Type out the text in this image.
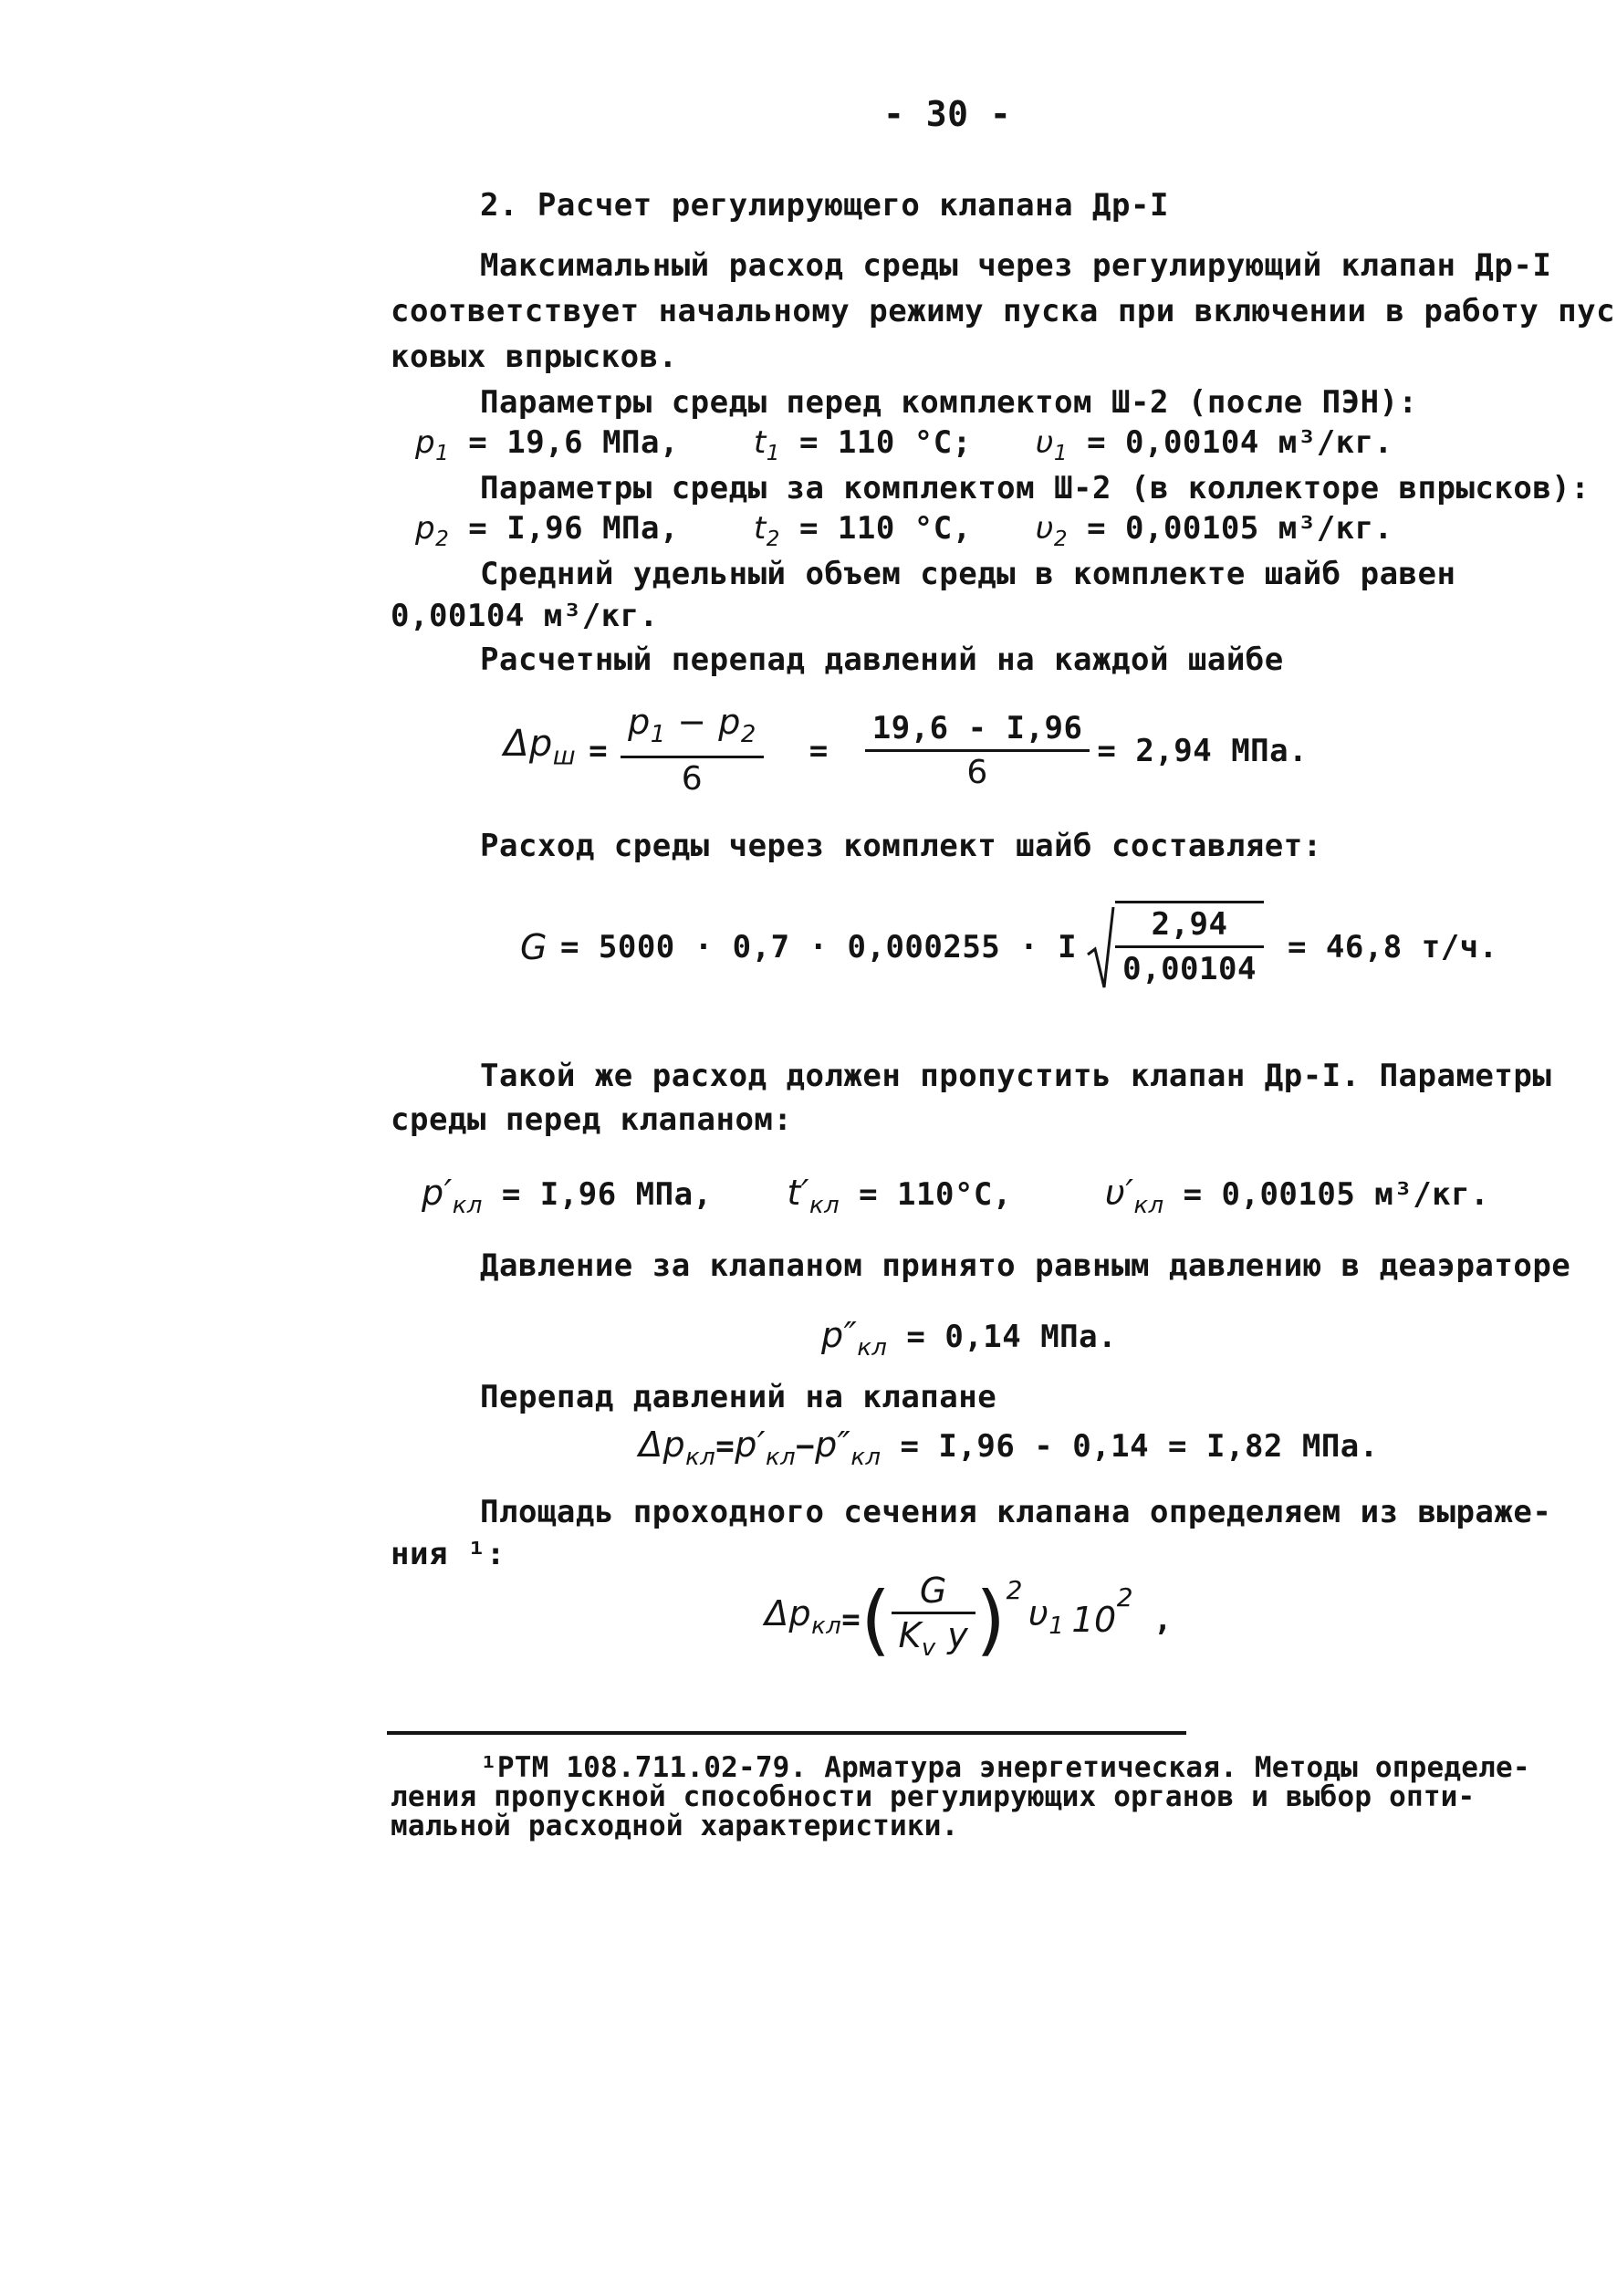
- 30 -
2. Расчет регулирующего клапана Др-I
Максимальный расход среды через регулирующий клапан Др-I
соответствует начальному режиму пуска при включении в работу пус
ковых впрысков.
Параметры среды перед комплектом Ш-2 (после ПЭН):
$p_1 = 19,6$ МПа, $t_1 = 110$ °C; $\upsilon_1 = 0,00104$ м³/кг.
Параметры среды за комплектом Ш-2 (в коллекторе впрысков):
$p_2 = I,96$ МПа, $t_2 = 110$ °C, $\upsilon_2 = 0,00105$ м³/кг.
Средний удельный объем среды в комплекте шайб равен
0,00104 м³/кг.
Расчетный перепад давлений на каждой шайбе
$\Delta p_ш = \frac{p_1 - p_2}{6} = \frac{19,6 - I,96}{6} = 2,94$ МПа.
Расход среды через комплект шайб составляет:
G = 5000 · 0,7 · 0,000255 · I $\frac{2,94}{0,00104} = 46,8$ т/ч.
Такой же расход должен пропустить клапан Др-I. Параметры
среды перед клапаном:
$p'_{кл} = I,96$ МПа, $t'_{кл} = 110^\circ C$,	$\upsilon'_{кл} = 0,00105$ м³/кг.
Давление за клапаном принято равным давлению в деаэраторе
$p''_{кл} = 0,14$ МПа.
Перепад давлений на клапане
$\Delta p_{кл}=p'_{кл}-p''_{кл} = I,96 - 0,14 = I,82$ МПа.
Площадь проходного сечения клапана определяем из выраже-
ния ¹:
$\Delta p_{кл}$ = ( $\frac{G}{K_v y}$ ) 2
$\upsilon_1$ 10
2
,
¹РТМ 108.711.02-79. Арматура энергетическая. Методы определе-
ления пропускной способности регулирующих органов и выбор опти-
мальной расходной характеристики.
